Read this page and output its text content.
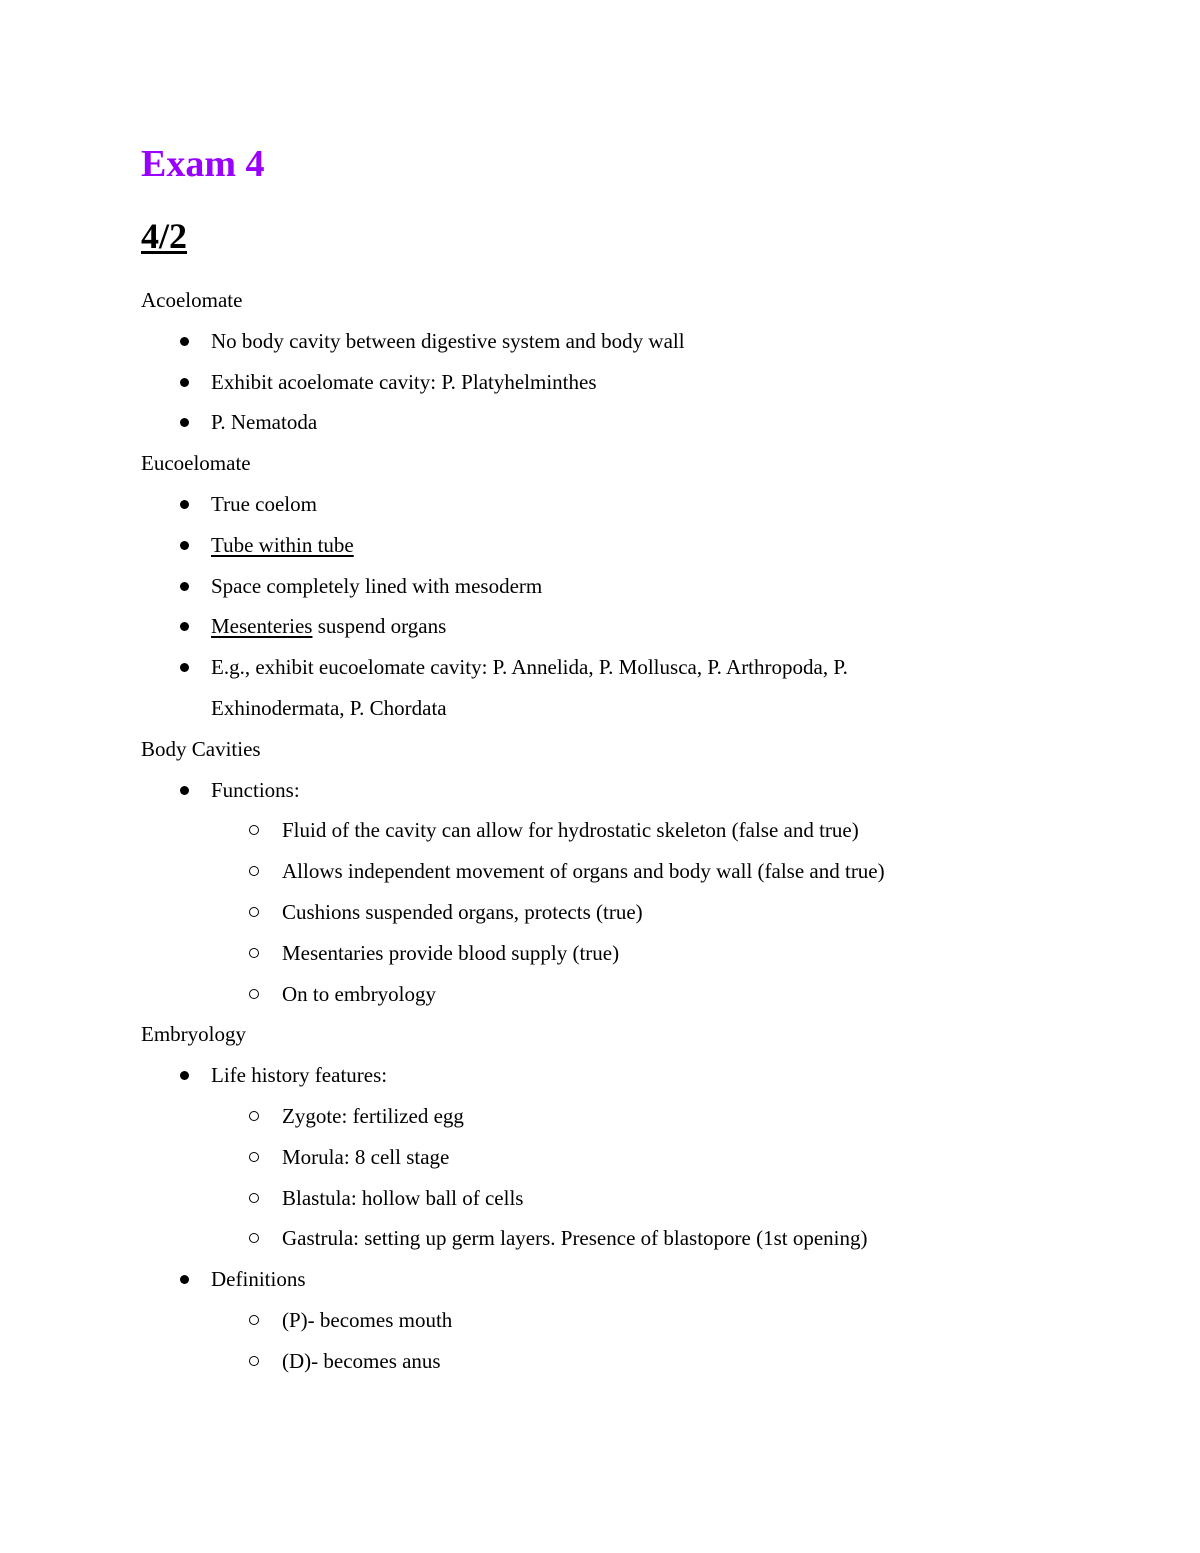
Exam 4
4/2

Acoelomate

No body cavity between digestive system and body wall
Exhibit acoelomate cavity: P. Platyhelminthes
P. Nematoda

Eucoelomate

True coelom
Tube within tube
Space completely lined with mesoderm
Mesenteries suspend organs
E.g., exhibit eucoelomate cavity: P. Annelida, P. Mollusca, P. Arthropoda, P. Exhinodermata, P. Chordata

Body Cavities

Functions:
Fluid of the cavity can allow for hydrostatic skeleton (false and true)
Allows independent movement of organs and body wall (false and true)
Cushions suspended organs, protects (true)
Mesentaries provide blood supply (true)
On to embryology

Embryology

Life history features:
Zygote: fertilized egg
Morula: 8 cell stage
Blastula: hollow ball of cells
Gastrula: setting up germ layers. Presence of blastopore (1st opening)
Definitions
(P)- becomes mouth
(D)- becomes anus
